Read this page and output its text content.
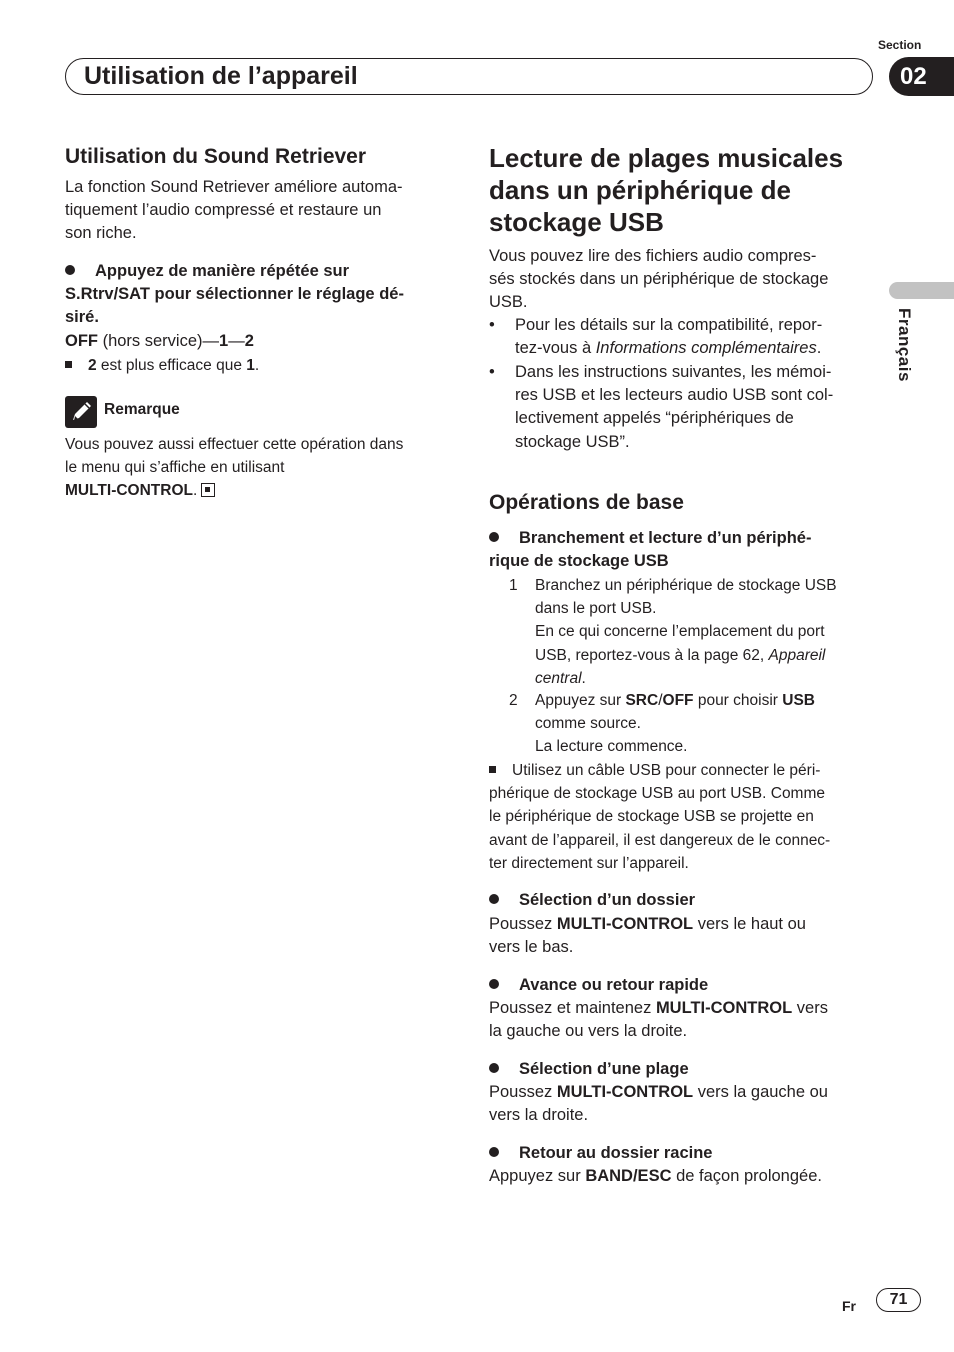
Section
Utilisation de l’appareil	02
Français
Utilisation du Sound Retriever
La fonction Sound Retriever améliore automa-
tiquement l’audio compressé et restaure un
son riche.
Appuyez de manière répétée sur
S.Rtrv/SAT pour sélectionner le réglage dé-
siré.
OFF (hors service)—1—2
2 est plus efficace que 1.
Remarque
Vous pouvez aussi effectuer cette opération dans
le menu qui s’affiche en utilisant
MULTI-CONTROL.
Lecture de plages musicales
dans un périphérique de
stockage USB
Vous pouvez lire des fichiers audio compres-
sés stockés dans un périphérique de stockage
USB.
• Pour les détails sur la compatibilité, repor-
tez-vous à Informations complémentaires.
• Dans les instructions suivantes, les mémoi-
res USB et les lecteurs audio USB sont col-
lectivement appelés “périphériques de
stockage USB”.
Opérations de base
Branchement et lecture d’un périphé-
rique de stockage USB
1 Branchez un périphérique de stockage USB
dans le port USB.
En ce qui concerne l’emplacement du port
USB, reportez-vous à la page 62, Appareil
central.
2 Appuyez sur SRC/OFF pour choisir USB
comme source.
La lecture commence.
Utilisez un câble USB pour connecter le péri-
phérique de stockage USB au port USB. Comme
le périphérique de stockage USB se projette en
avant de l’appareil, il est dangereux de le connec-
ter directement sur l’appareil.
Sélection d’un dossier
Poussez MULTI-CONTROL vers le haut ou
vers le bas.
Avance ou retour rapide
Poussez et maintenez MULTI-CONTROL vers
la gauche ou vers la droite.
Sélection d’une plage
Poussez MULTI-CONTROL vers la gauche ou
vers la droite.
Retour au dossier racine
Appuyez sur BAND/ESC de façon prolongée.
Fr	71
